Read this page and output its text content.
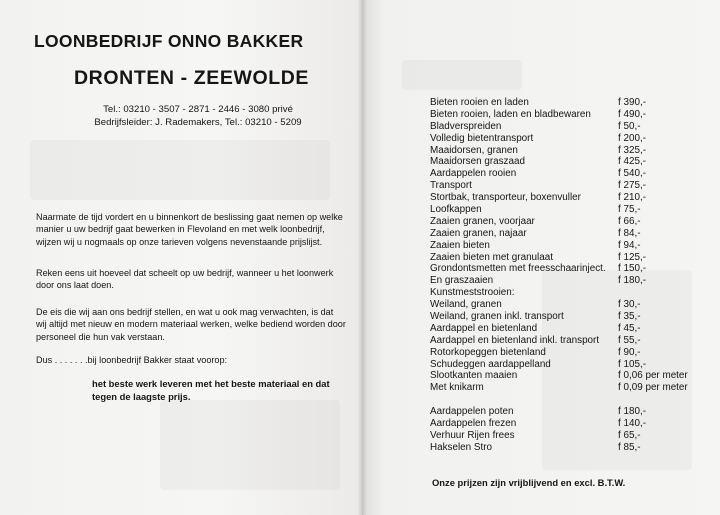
LOONBEDRIJF ONNO BAKKER
DRONTEN - ZEEWOLDE
Tel.: 03210 - 3507 - 2871 - 2446 - 3080 privé
Bedrijfsleider: J. Rademakers, Tel.: 03210 - 5209
Naarmate de tijd vordert en u binnenkort de beslissing gaat nemen op welke manier u uw bedrijf gaat bewerken in Flevoland en met welk loonbedrijf, wijzen wij u nogmaals op onze tarieven volgens nevenstaande prijslijst.
Reken eens uit hoeveel dat scheelt op uw bedrijf, wanneer u het loonwerk door ons laat doen.
De eis die wij aan ons bedrijf stellen, en wat u ook mag verwachten, is dat wij altijd met nieuw en modern materiaal werken, welke bediend worden door personeel die hun vak verstaan.
Dus . . . . . . .bij loonbedrijf Bakker staat voorop:
het beste werk leveren met het beste materiaal en dat tegen de laagste prijs.
Bieten rooien en laden	f 390,-
Bieten rooien, laden en bladbewaren	f 490,-
Bladverspreiden	f 50,-
Volledig bietentransport	f 200,-
Maaidorsen, granen	f 325,-
Maaidorsen graszaad	f 425,-
Aardappelen rooien	f 540,-
Transport	f 275,-
Stortbak, transporteur, boxenvuller	f 210,-
Loofkappen	f 75,-
Zaaien granen, voorjaar	f 66,-
Zaaien granen, najaar	f 84,-
Zaaien bieten	f 94,-
Zaaien bieten met granulaat	f 125,-
Grondontsmetten met freesschaarinject. f 150,-
En graszaaien	f 180,-
Kunstmeststrooien:
Weiland, granen	f 30,-
Weiland, granen inkl. transport	f 35,-
Aardappel en bietenland	f 45,-
Aardappel en bietenland inkl. transport f 55,-
Rotorkopeggen bietenland	f 90,-
Schudeggen aardappelland	f 105,-
Slootkanten maaien	f 0,06 per meter
Met knikarm	f 0,09 per meter
Aardappelen poten	f 180,-
Aardappelen frezen	f 140,-
Verhuur Rijen frees	f 65,-
Hakselen Stro	f 85,-
Onze prijzen zijn vrijblijvend en excl. B.T.W.
